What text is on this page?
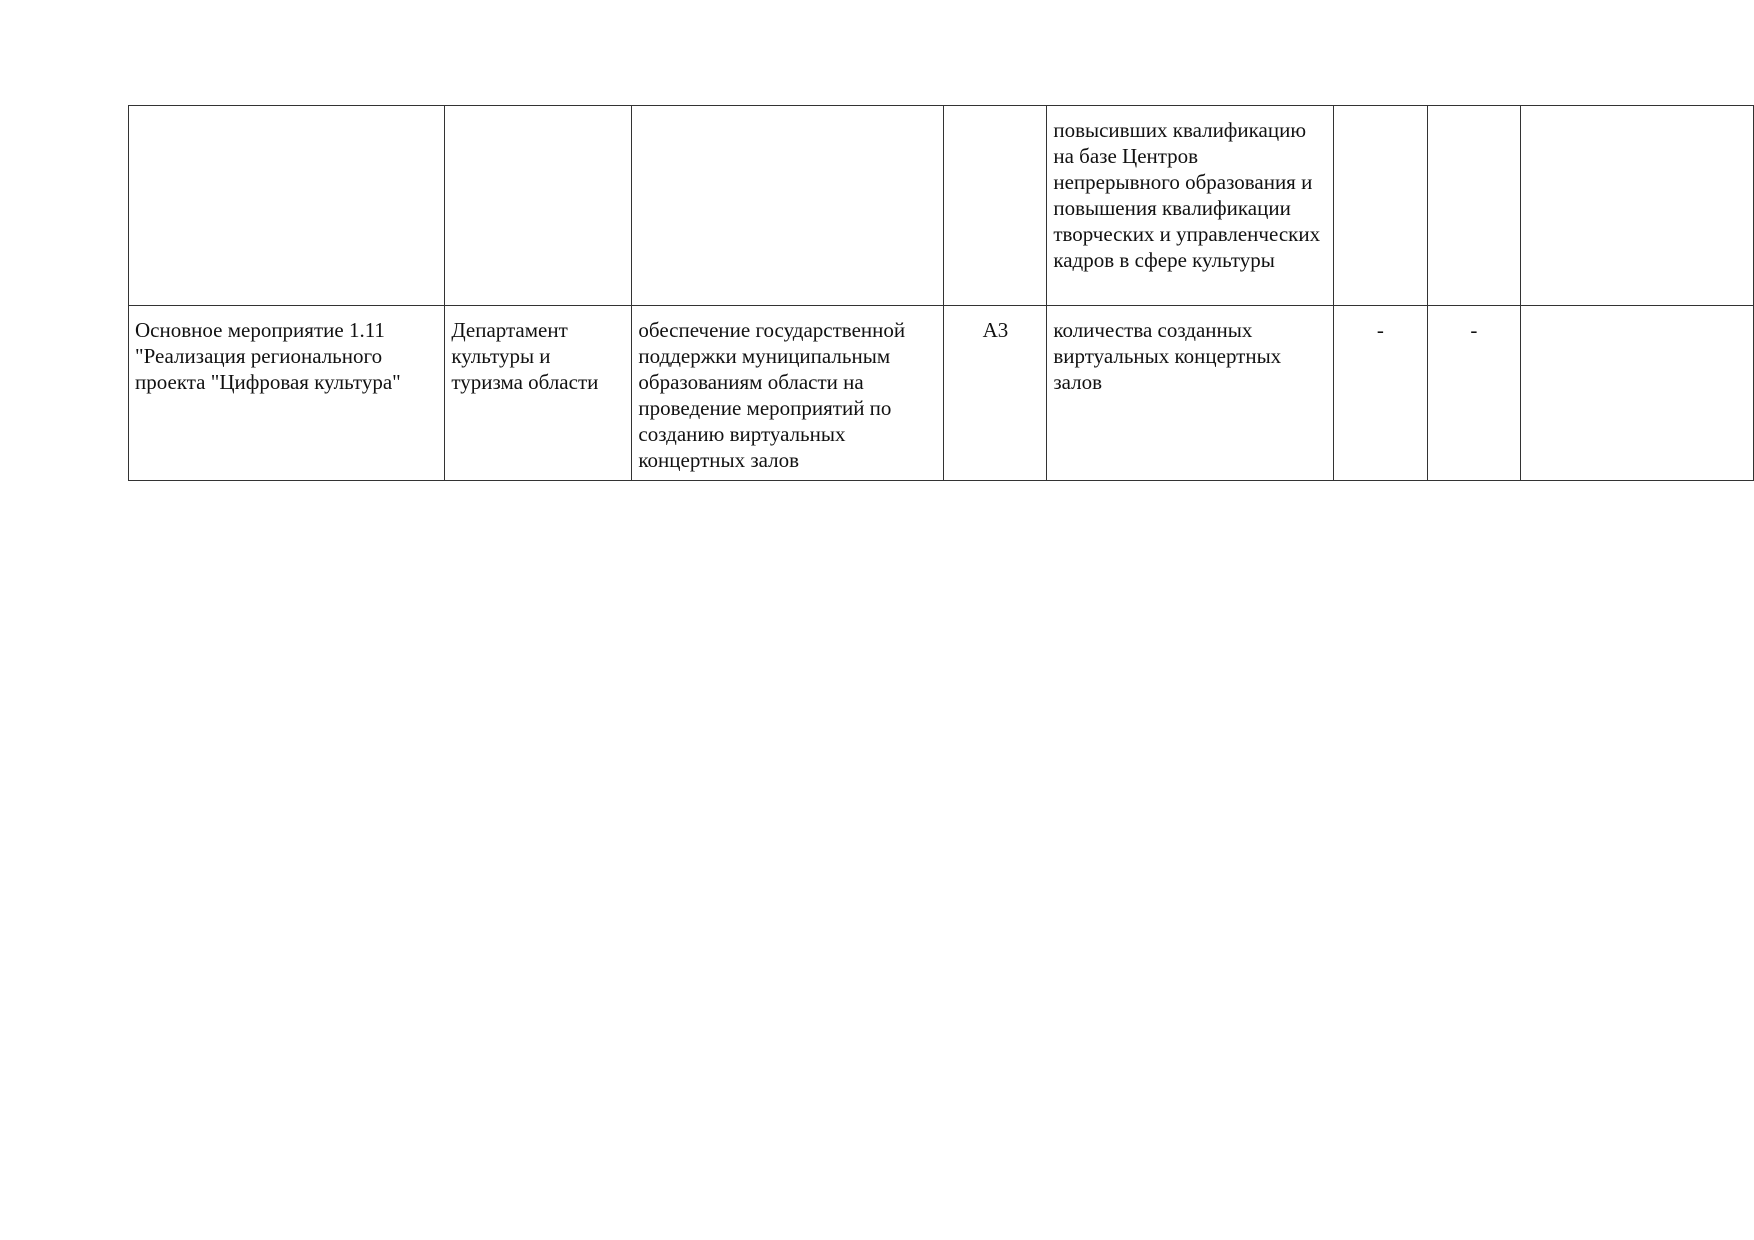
				повысивших квалификацию на базе Центров непрерывного образования и повышения квалификации творческих и управленческих кадров в сфере культуры			
Основное мероприятие 1.11 "Реализация регионального проекта "Цифровая культура"	Департамент культуры и туризма области	обеспечение государственной поддержки муниципальным образованиям области на проведение мероприятий по созданию виртуальных концертных залов	А3	количества созданных виртуальных концертных залов	-	-	
